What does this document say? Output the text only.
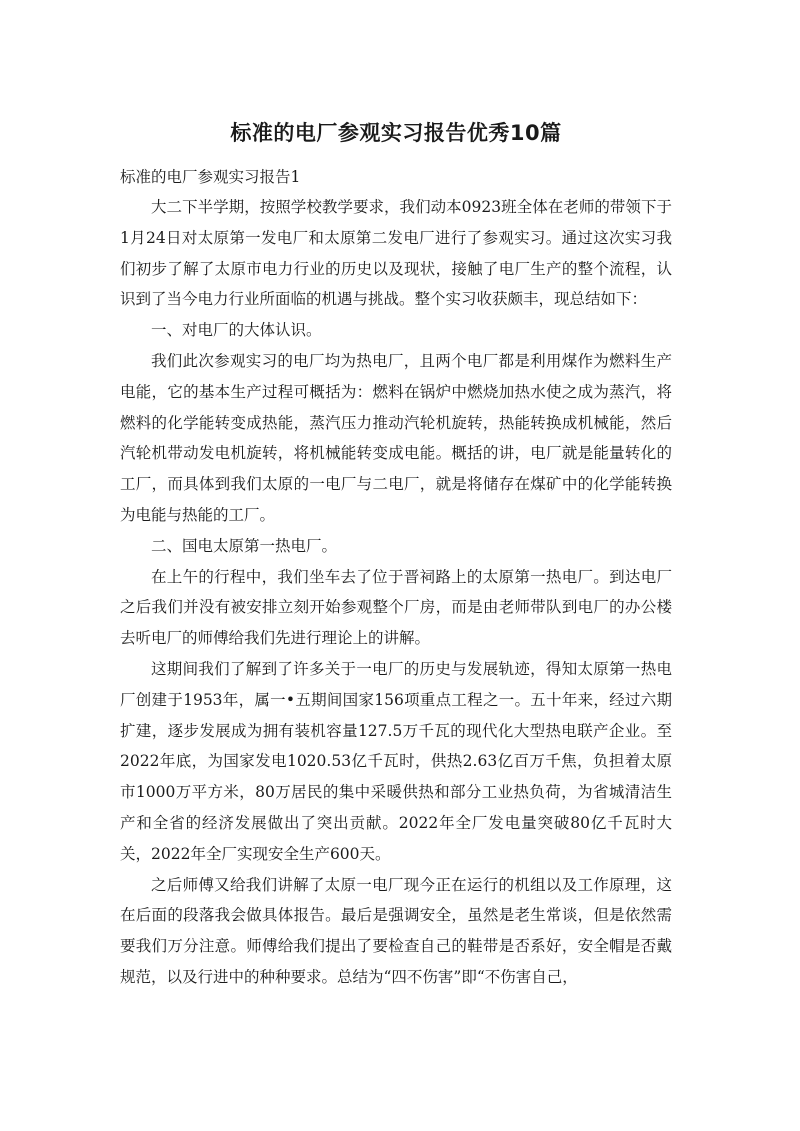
标准的电厂参观实习报告优秀10篇

标准的电厂参观实习报告1

大二下半学期，按照学校教学要求，我们动本0923班全体在老师的带领下于1月24日对太原第一发电厂和太原第二发电厂进行了参观实习。通过这次实习我们初步了解了太原市电力行业的历史以及现状，接触了电厂生产的整个流程，认识到了当今电力行业所面临的机遇与挑战。整个实习收获颇丰，现总结如下：

一、对电厂的大体认识。

我们此次参观实习的电厂均为热电厂，且两个电厂都是利用煤作为燃料生产电能，它的基本生产过程可概括为：燃料在锅炉中燃烧加热水使之成为蒸汽，将燃料的化学能转变成热能，蒸汽压力推动汽轮机旋转，热能转换成机械能，然后汽轮机带动发电机旋转，将机械能转变成电能。概括的讲，电厂就是能量转化的工厂，而具体到我们太原的一电厂与二电厂，就是将储存在煤矿中的化学能转换为电能与热能的工厂。

二、国电太原第一热电厂。

在上午的行程中，我们坐车去了位于晋祠路上的太原第一热电厂。到达电厂之后我们并没有被安排立刻开始参观整个厂房，而是由老师带队到电厂的办公楼去听电厂的师傅给我们先进行理论上的讲解。

这期间我们了解到了许多关于一电厂的历史与发展轨迹，得知太原第一热电厂创建于1953年，属一•五期间国家156项重点工程之一。五十年来，经过六期扩建，逐步发展成为拥有装机容量127.5万千瓦的现代化大型热电联产企业。至2022年底，为国家发电1020.53亿千瓦时，供热2.63亿百万千焦，负担着太原市1000万平方米，80万居民的集中采暖供热和部分工业热负荷，为省城清洁生产和全省的经济发展做出了突出贡献。2022年全厂发电量突破80亿千瓦时大关，2022年全厂实现安全生产600天。

之后师傅又给我们讲解了太原一电厂现今正在运行的机组以及工作原理，这在后面的段落我会做具体报告。最后是强调安全，虽然是老生常谈，但是依然需要我们万分注意。师傅给我们提出了要检查自己的鞋带是否系好，安全帽是否戴规范，以及行进中的种种要求。总结为“四不伤害”即“不伤害自己，
